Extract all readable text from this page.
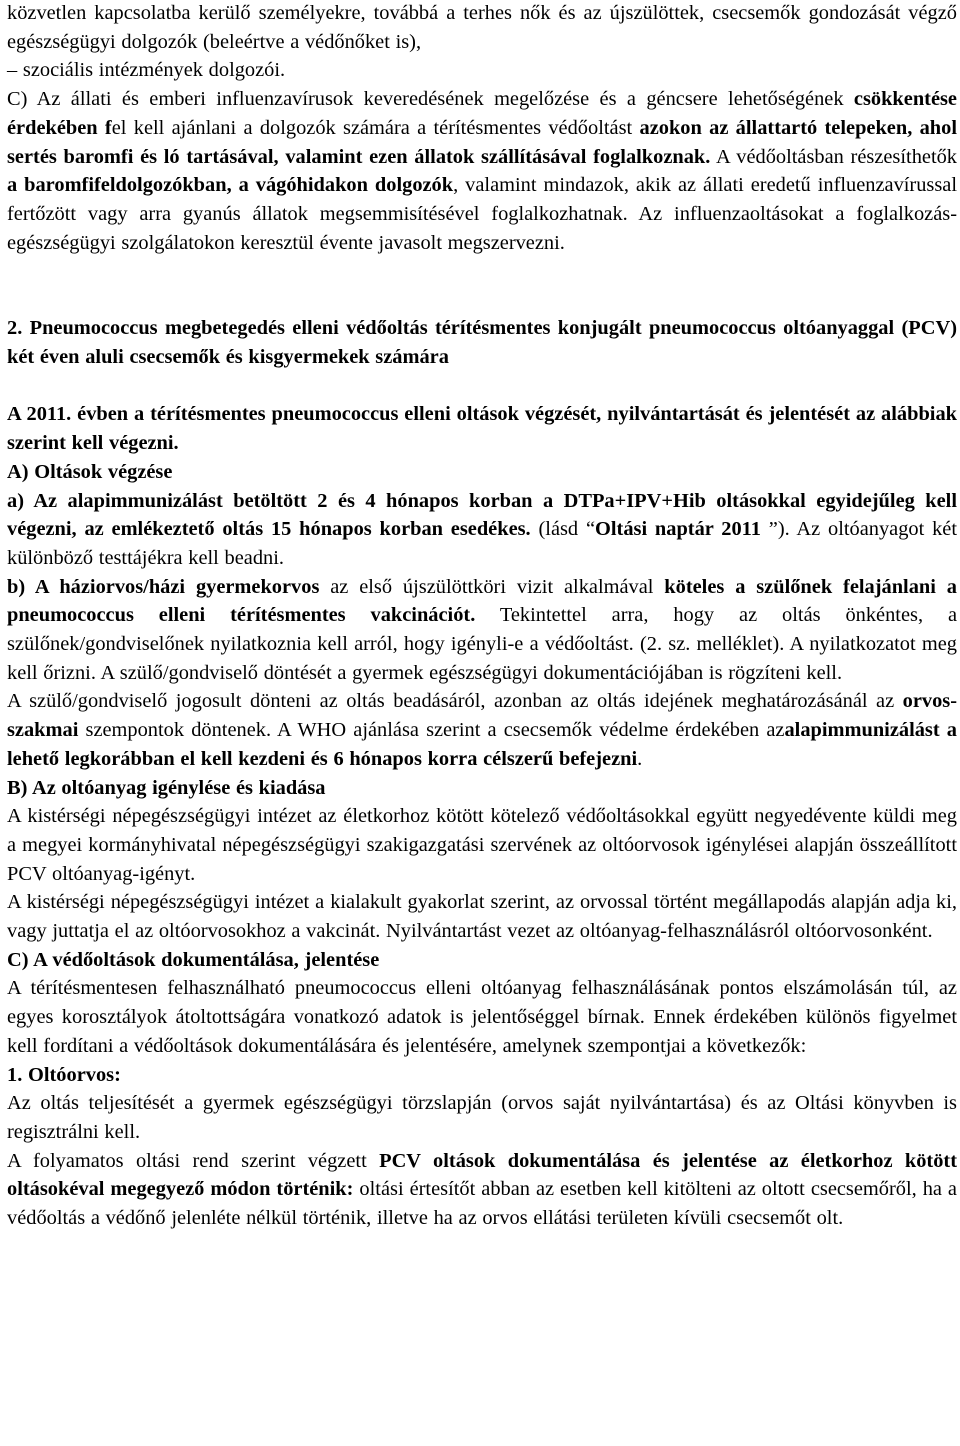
közvetlen kapcsolatba kerülő személyekre, továbbá a terhes nők és az újszülöttek, csecsemők gondozását végző egészségügyi dolgozók (beleértve a védőnőket is),
– szociális intézmények dolgozói.

C) Az állati és emberi influenzavírusok keveredésének megelőzése és a géncsere lehetőségének csökkentése érdekében fel kell ajánlani a dolgozók számára a térítésmentes védőoltást azokon az állattartó telepeken, ahol sertés baromfi és ló tartásával, valamint ezen állatok szállításával foglalkoznak. A védőoltásban részesíthetők a baromfifeldolgozókban, a vágóhidakon dolgozók, valamint mindazok, akik az állati eredetű influenzavírussal fertőzött vagy arra gyanús állatok megsemmisítésével foglalkozhatnak. Az influenzaoltásokat a foglalkozás-egészségügyi szolgálatokon keresztül évente javasolt megszervezni.

2. Pneumococcus megbetegedés elleni védőoltás térítésmentes konjugált pneumococcus oltóanyaggal (PCV) két éven aluli csecsemők és kisgyermekek számára

A 2011. évben a térítésmentes pneumococcus elleni oltások végzését, nyilvántartását és jelentését az alábbiak szerint kell végezni.

A) Oltások végzése

a) Az alapimmunizálást betöltött 2 és 4 hónapos korban a DTPa+IPV+Hib oltásokkal egyidejűleg kell végezni, az emlékeztető oltás 15 hónapos korban esedékes. (lásd “Oltási naptár 2011 ”). Az oltóanyagot két különböző testtájékra kell beadni.

b) A háziorvos/házi gyermekorvos az első újszülöttköri vizit alkalmával köteles a szülőnek felajánlani a pneumococcus elleni térítésmentes vakcinációt. Tekintettel arra, hogy az oltás önkéntes, a szülőnek/gondviselőnek nyilatkoznia kell arról, hogy igényli-e a védőoltást. (2. sz. melléklet). A nyilatkozatot meg kell őrizni. A szülő/gondviselő döntését a gyermek egészségügyi dokumentációjában is rögzíteni kell.

A szülő/gondviselő jogosult dönteni az oltás beadásáról, azonban az oltás idejének meghatározásánál az orvos-szakmai szempontok döntenek. A WHO ajánlása szerint a csecsemők védelme érdekében azalapimmunizálást a lehető legkorábban el kell kezdeni és 6 hónapos korra célszerű befejezni.

B) Az oltóanyag igénylése és kiadása

A kistérségi népegészségügyi intézet az életkorhoz kötött kötelező védőoltásokkal együtt negyedévente küldi meg a megyei kormányhivatal népegészségügyi szakigazgatási szervének az oltóorvosok igénylései alapján összeállított PCV oltóanyag-igényt.

A kistérségi népegészségügyi intézet a kialakult gyakorlat szerint, az orvossal történt megállapodás alapján adja ki, vagy juttatja el az oltóorvosokhoz a vakcinát. Nyilvántartást vezet az oltóanyag-felhasználásról oltóorvosonként.

C) A védőoltások dokumentálása, jelentése

A térítésmentesen felhasználható pneumococcus elleni oltóanyag felhasználásának pontos elszámolásán túl, az egyes korosztályok átoltottságára vonatkozó adatok is jelentőséggel bírnak. Ennek érdekében különös figyelmet kell fordítani a védőoltások dokumentálására és jelentésére, amelynek szempontjai a következők:

1. Oltóorvos:

Az oltás teljesítését a gyermek egészségügyi törzslapján (orvos saját nyilvántartása) és az Oltási könyvben is regisztrálni kell.

A folyamatos oltási rend szerint végzett PCV oltások dokumentálása és jelentése az életkorhoz kötött oltásokéval megegyező módon történik: oltási értesítőt abban az esetben kell kitölteni az oltott csecsemőről, ha a védőoltás a védőnő jelenléte nélkül történik, illetve ha az orvos ellátási területen kívüli csecsemőt olt.
